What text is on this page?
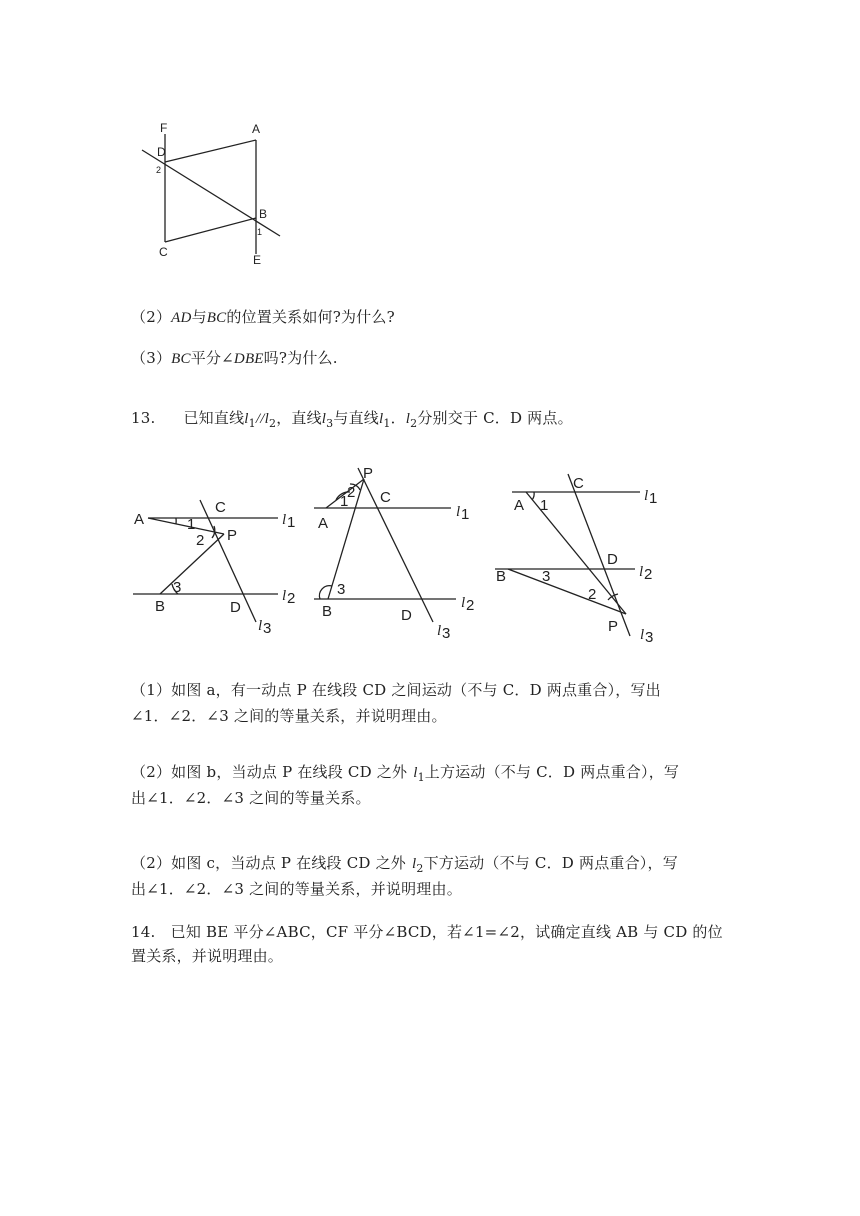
F
D
2
A
B
1
C
E
（2）AD与BC的位置关系如何?为什么?
（3）BC平分∠DBE吗?为什么.
13. 已知直线$l_1//l_2$，直线$l_3$与直线$l_1$．$l_2$分别交于 C．D 两点。
A
C
P
B	D
1
2
3
l 1
l 2
l 3
P
A
C
B	D
1
2
3
l 1
l 2
l 3
C
A 1
D
B 3
2
P
l 1
l 2
l 3
（1）如图 a，有一动点 P 在线段 CD 之间运动（不与 C．D 两点重合），写出
∠1．∠2．∠3 之间的等量关系，并说明理由。
（2）如图 b，当动点 P 在线段 CD 之外 $l_1$上方运动（不与 C．D 两点重合），写
出∠1．∠2．∠3 之间的等量关系。
（2）如图 c，当动点 P 在线段 CD 之外 $l_2$下方运动（不与 C．D 两点重合），写
出∠1．∠2．∠3 之间的等量关系，并说明理由。
14.　已知 BE 平分∠ABC，CF 平分∠BCD，若∠1=∠2，试确定直线 AB 与 CD 的位
置关系，并说明理由。
